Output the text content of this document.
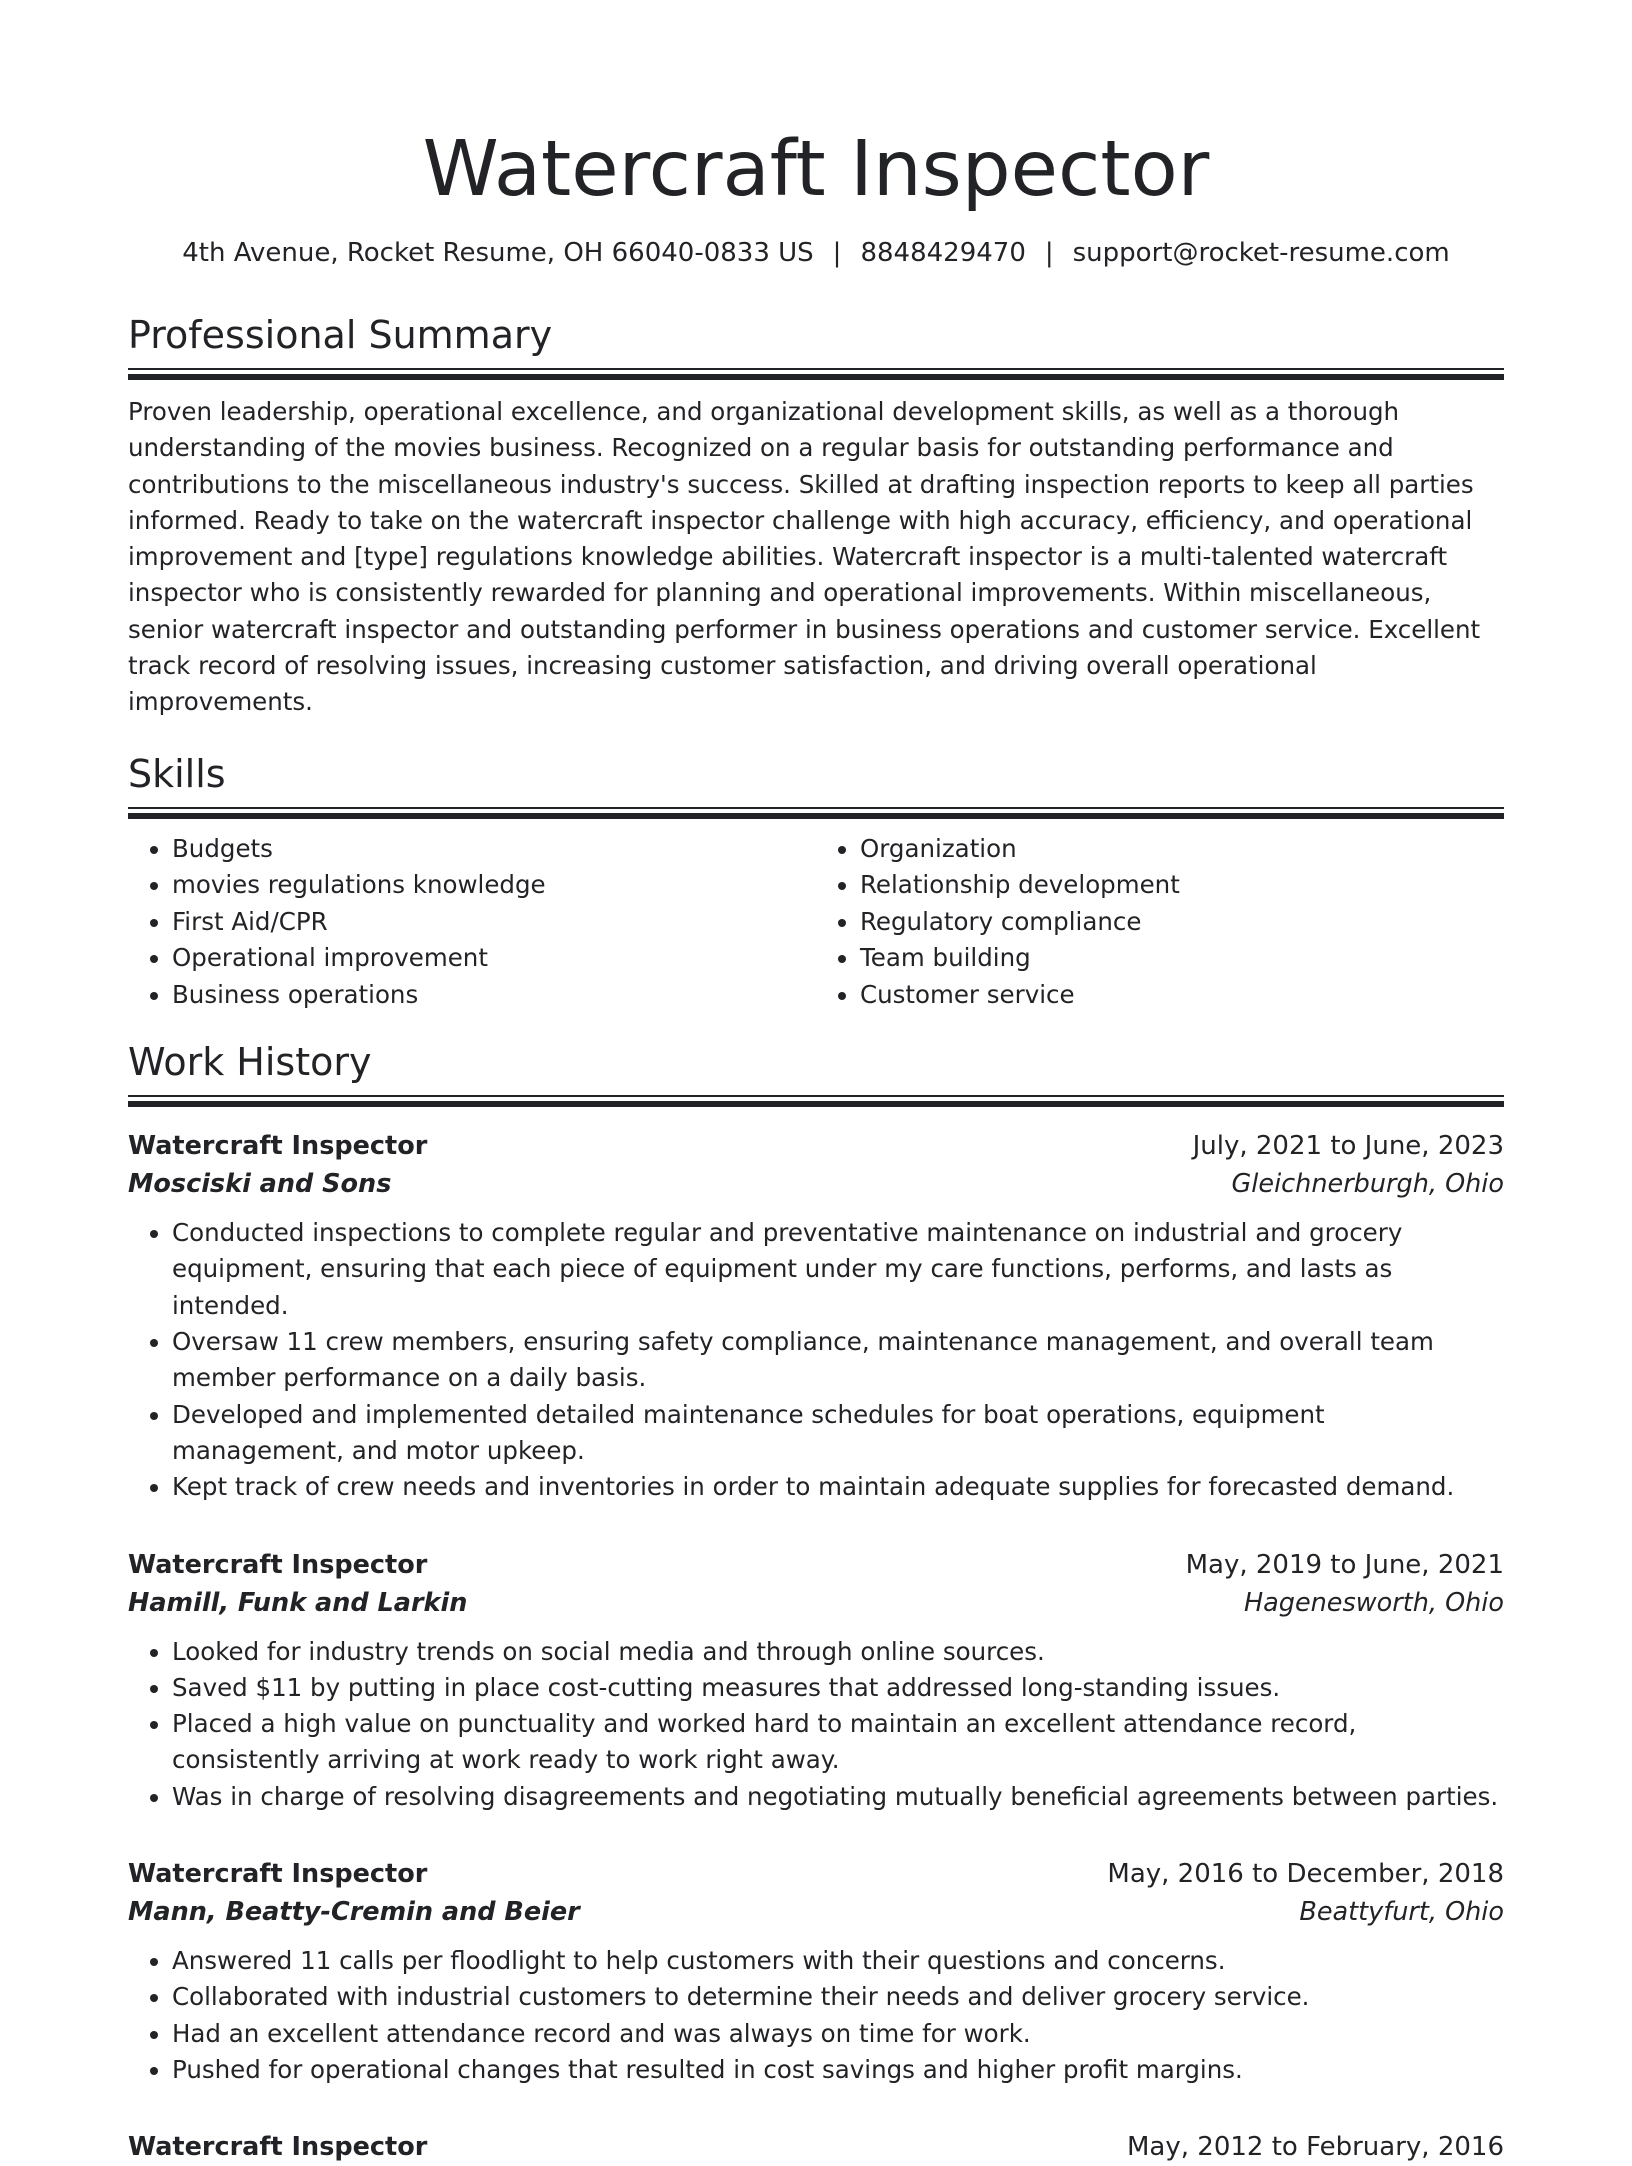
Watercraft Inspector
4th Avenue, Rocket Resume, OH 66040-0833 US | 8848429470 | support@rocket-resume.com
Professional Summary

Proven leadership, operational excellence, and organizational development skills, as well as a thorough understanding of the movies business. Recognized on a regular basis for outstanding performance and contributions to the miscellaneous industry's success. Skilled at drafting inspection reports to keep all parties informed. Ready to take on the watercraft inspector challenge with high accuracy, efficiency, and operational improvement and [type] regulations knowledge abilities. Watercraft inspector is a multi-talented watercraft inspector who is consistently rewarded for planning and operational improvements. Within miscellaneous, senior watercraft inspector and outstanding performer in business operations and customer service. Excellent track record of resolving issues, increasing customer satisfaction, and driving overall operational improvements.

Skills
• Budgets
• movies regulations knowledge
• First Aid/CPR
• Operational improvement
• Business operations
• Organization
• Relationship development
• Regulatory compliance
• Team building
• Customer service
Work History
Watercraft Inspector	July, 2021 to June, 2023
Mosciski and Sons	Gleichnerburgh, Ohio
• Conducted inspections to complete regular and preventative maintenance on industrial and grocery equipment, ensuring that each piece of equipment under my care functions, performs, and lasts as intended.
• Oversaw 11 crew members, ensuring safety compliance, maintenance management, and overall team member performance on a daily basis.
• Developed and implemented detailed maintenance schedules for boat operations, equipment management, and motor upkeep.
• Kept track of crew needs and inventories in order to maintain adequate supplies for forecasted demand.
Watercraft Inspector	May, 2019 to June, 2021
Hamill, Funk and Larkin	Hagenesworth, Ohio
• Looked for industry trends on social media and through online sources.
• Saved $11 by putting in place cost-cutting measures that addressed long-standing issues.
• Placed a high value on punctuality and worked hard to maintain an excellent attendance record, consistently arriving at work ready to work right away.
• Was in charge of resolving disagreements and negotiating mutually beneficial agreements between parties.
Watercraft Inspector	May, 2016 to December, 2018
Mann, Beatty-Cremin and Beier	Beattyfurt, Ohio
• Answered 11 calls per floodlight to help customers with their questions and concerns.
• Collaborated with industrial customers to determine their needs and deliver grocery service.
• Had an excellent attendance record and was always on time for work.
• Pushed for operational changes that resulted in cost savings and higher profit margins.
Watercraft Inspector	May, 2012 to February, 2016
